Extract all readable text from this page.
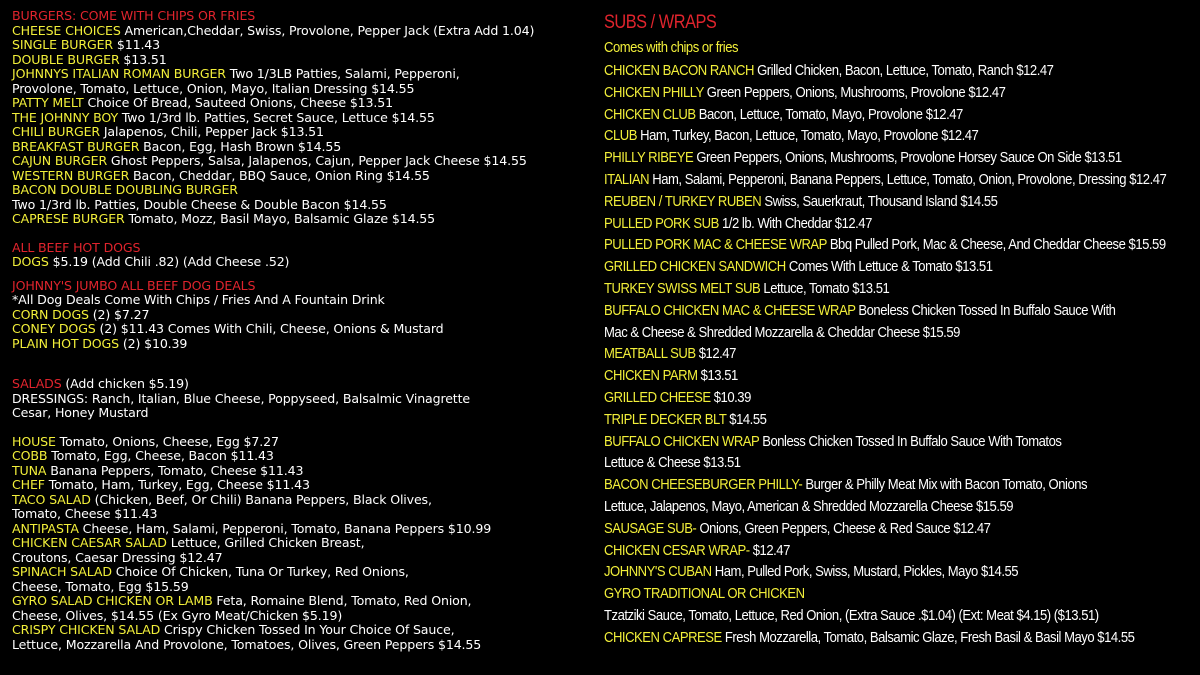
BURGERS: COME WITH CHIPS OR FRIES
CHEESE CHOICES American,Cheddar, Swiss, Provolone, Pepper Jack (Extra Add 1.04)
SINGLE BURGER $11.43
DOUBLE BURGER $13.51
JOHNNYS ITALIAN ROMAN BURGER Two 1/3LB Patties, Salami, Pepperoni,
Provolone, Tomato, Lettuce, Onion, Mayo, Italian Dressing $14.55
PATTY MELT Choice Of Bread, Sauteed Onions, Cheese $13.51
THE JOHNNY BOY Two 1/3rd lb. Patties, Secret Sauce, Lettuce $14.55
CHILI BURGER Jalapenos, Chili, Pepper Jack $13.51
BREAKFAST BURGER Bacon, Egg, Hash Brown $14.55
CAJUN BURGER Ghost Peppers, Salsa, Jalapenos, Cajun, Pepper Jack Cheese $14.55
WESTERN BURGER Bacon, Cheddar, BBQ Sauce, Onion Ring $14.55
BACON DOUBLE DOUBLING BURGER
Two 1/3rd lb. Patties, Double Cheese & Double Bacon $14.55
CAPRESE BURGER Tomato, Mozz, Basil Mayo, Balsamic Glaze $14.55
ALL BEEF HOT DOGS
DOGS $5.19 (Add Chili .82) (Add Cheese .52)
JOHNNY'S JUMBO ALL BEEF DOG DEALS
*All Dog Deals Come With Chips / Fries And A Fountain Drink
CORN DOGS (2) $7.27
CONEY DOGS (2) $11.43 Comes With Chili, Cheese, Onions & Mustard
PLAIN HOT DOGS (2) $10.39
SALADS (Add chicken $5.19)
DRESSINGS: Ranch, Italian, Blue Cheese, Poppyseed, Balsalmic Vinagrette
Cesar, Honey Mustard
HOUSE Tomato, Onions, Cheese, Egg $7.27
COBB Tomato, Egg, Cheese, Bacon $11.43
TUNA Banana Peppers, Tomato, Cheese $11.43
CHEF Tomato, Ham, Turkey, Egg, Cheese $11.43
TACO SALAD (Chicken, Beef, Or Chili) Banana Peppers, Black Olives,
Tomato, Cheese $11.43
ANTIPASTA Cheese, Ham, Salami, Pepperoni, Tomato, Banana Peppers $10.99
CHICKEN CAESAR SALAD Lettuce, Grilled Chicken Breast,
Croutons, Caesar Dressing $12.47
SPINACH SALAD Choice Of Chicken, Tuna Or Turkey, Red Onions,
Cheese, Tomato, Egg $15.59
GYRO SALAD CHICKEN OR LAMB Feta, Romaine Blend, Tomato, Red Onion,
Cheese, Olives, $14.55 (Ex Gyro Meat/Chicken $5.19)
CRISPY CHICKEN SALAD Crispy Chicken Tossed In Your Choice Of Sauce,
Lettuce, Mozzarella And Provolone, Tomatoes, Olives, Green Peppers $14.55
SUBS / WRAPS
Comes with chips or fries
CHICKEN BACON RANCH Grilled Chicken, Bacon, Lettuce, Tomato, Ranch $12.47
CHICKEN PHILLY Green Peppers, Onions, Mushrooms, Provolone $12.47
CHICKEN CLUB Bacon, Lettuce, Tomato, Mayo, Provolone $12.47
CLUB Ham, Turkey, Bacon, Lettuce, Tomato, Mayo, Provolone $12.47
PHILLY RIBEYE Green Peppers, Onions, Mushrooms, Provolone Horsey Sauce On Side $13.51
ITALIAN Ham, Salami, Pepperoni, Banana Peppers, Lettuce, Tomato, Onion, Provolone, Dressing $12.47
REUBEN / TURKEY RUBEN Swiss, Sauerkraut, Thousand Island $14.55
PULLED PORK SUB 1/2 lb. With Cheddar $12.47
PULLED PORK MAC & CHEESE WRAP Bbq Pulled Pork, Mac & Cheese, And Cheddar Cheese $15.59
GRILLED CHICKEN SANDWICH Comes With Lettuce & Tomato $13.51
TURKEY SWISS MELT SUB Lettuce, Tomato $13.51
BUFFALO CHICKEN MAC & CHEESE WRAP Boneless Chicken Tossed In Buffalo Sauce With
Mac & Cheese & Shredded Mozzarella & Cheddar Cheese $15.59
MEATBALL SUB $12.47
CHICKEN PARM $13.51
GRILLED CHEESE $10.39
TRIPLE DECKER BLT $14.55
BUFFALO CHICKEN WRAP Bonless Chicken Tossed In Buffalo Sauce With Tomatos
Lettuce & Cheese $13.51
BACON CHEESEBURGER PHILLY- Burger & Philly Meat Mix with Bacon Tomato, Onions
Lettuce, Jalapenos, Mayo, American & Shredded Mozzarella Cheese $15.59
SAUSAGE SUB- Onions, Green Peppers, Cheese & Red Sauce $12.47
CHICKEN CESAR WRAP- $12.47
JOHNNY'S CUBAN Ham, Pulled Pork, Swiss, Mustard, Pickles, Mayo $14.55
GYRO TRADITIONAL OR CHICKEN
Tzatziki Sauce, Tomato, Lettuce, Red Onion, (Extra Sauce .$1.04) (Ext: Meat $4.15) ($13.51)
CHICKEN CAPRESE Fresh Mozzarella, Tomato, Balsamic Glaze, Fresh Basil & Basil Mayo $14.55
